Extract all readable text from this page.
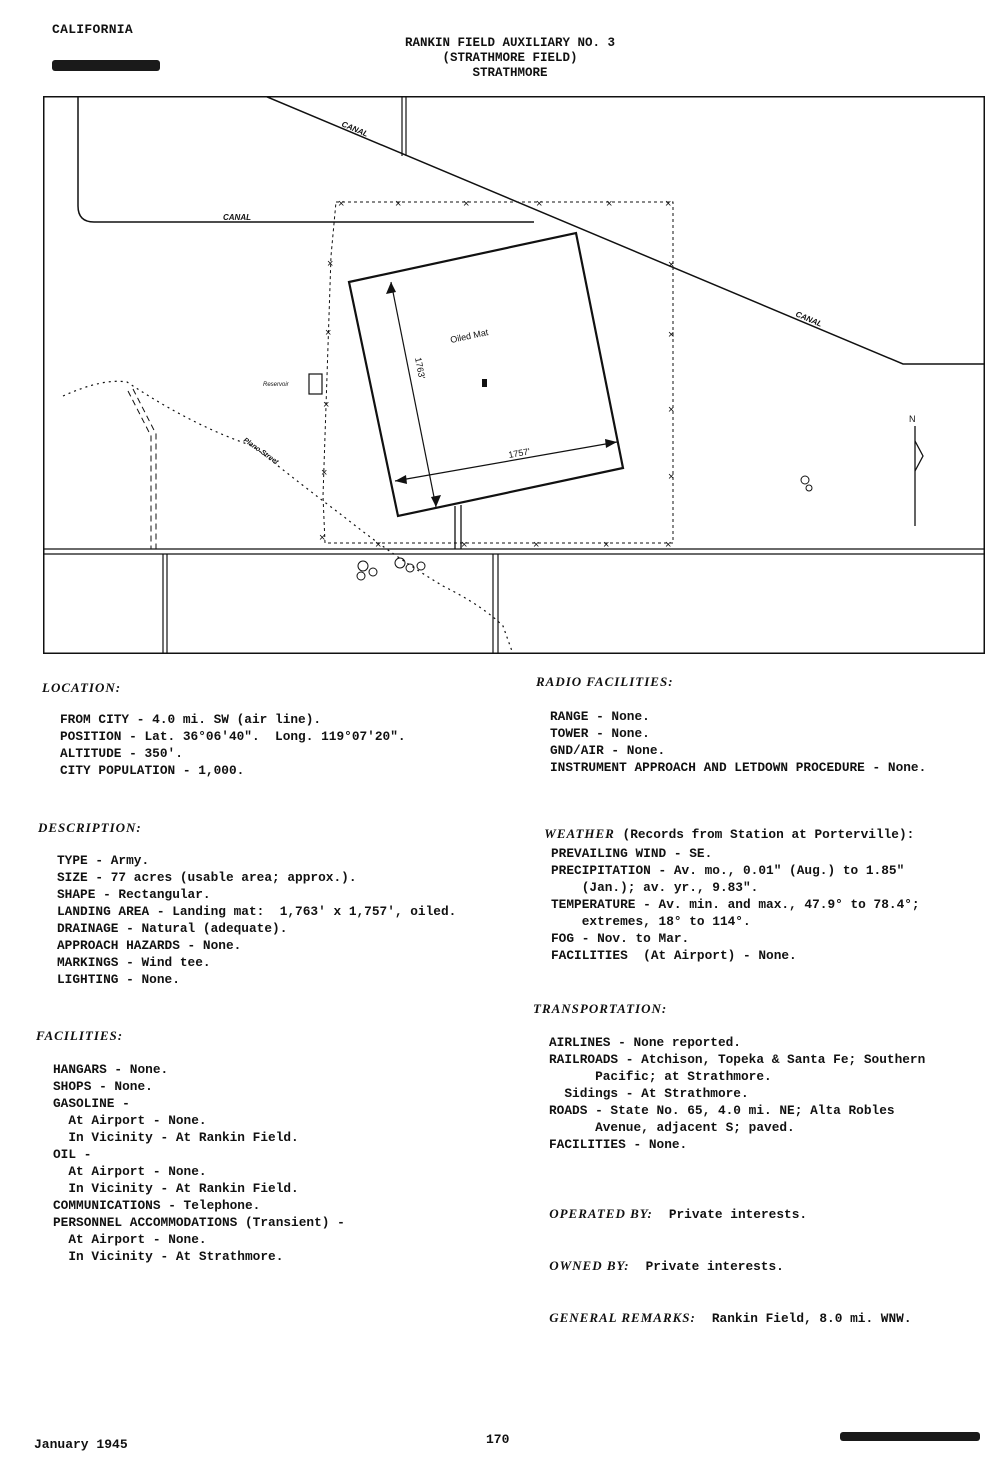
CALIFORNIA
RANKIN FIELD AUXILIARY NO. 3
(STRATHMORE FIELD)
STRATHMORE
×	×	×	×	×	×
×
×
×
×
×
×
×
×
×
×	×	×	×	×
CANAL
CANAL
CANAL
Oiled Mat
1763'
1757'
Reservoir
Plano Street
N
LOCATION:
FROM CITY - 4.0 mi. SW (air line).
POSITION - Lat. 36°06'40".  Long. 119°07'20".
ALTITUDE - 350'.
CITY POPULATION - 1,000.
DESCRIPTION:
TYPE - Army.
SIZE - 77 acres (usable area; approx.).
SHAPE - Rectangular.
LANDING AREA - Landing mat:  1,763' x 1,757', oiled.
DRAINAGE - Natural (adequate).
APPROACH HAZARDS - None.
MARKINGS - Wind tee.
LIGHTING - None.
FACILITIES:
HANGARS - None.
SHOPS - None.
GASOLINE -
At Airport - None.
In Vicinity - At Rankin Field.
OIL -
At Airport - None.
In Vicinity - At Rankin Field.
COMMUNICATIONS - Telephone.
PERSONNEL ACCOMMODATIONS (Transient) -
At Airport - None.
In Vicinity - At Strathmore.
RADIO FACILITIES:
RANGE - None.
TOWER - None.
GND/AIR - None.
INSTRUMENT APPROACH AND LETDOWN PROCEDURE - None.

WEATHER (Records from Station at Porterville):

PREVAILING WIND - SE.
PRECIPITATION - Av. mo., 0.01" (Aug.) to 1.85"
(Jan.); av. yr., 9.83".
TEMPERATURE - Av. min. and max., 47.9° to 78.4°;
extremes, 18° to 114°.
FOG - Nov. to Mar.
FACILITIES  (At Airport) - None.
TRANSPORTATION:
AIRLINES - None reported.
RAILROADS - Atchison, Topeka & Santa Fe; Southern
Pacific; at Strathmore.
Sidings - At Strathmore.
ROADS - State No. 65, 4.0 mi. NE; Alta Robles
Avenue, adjacent S; paved.
FACILITIES - None.

OPERATED BY: Private interests.

OWNED BY: Private interests.

GENERAL REMARKS: Rankin Field, 8.0 mi. WNW.

January 1945	170
